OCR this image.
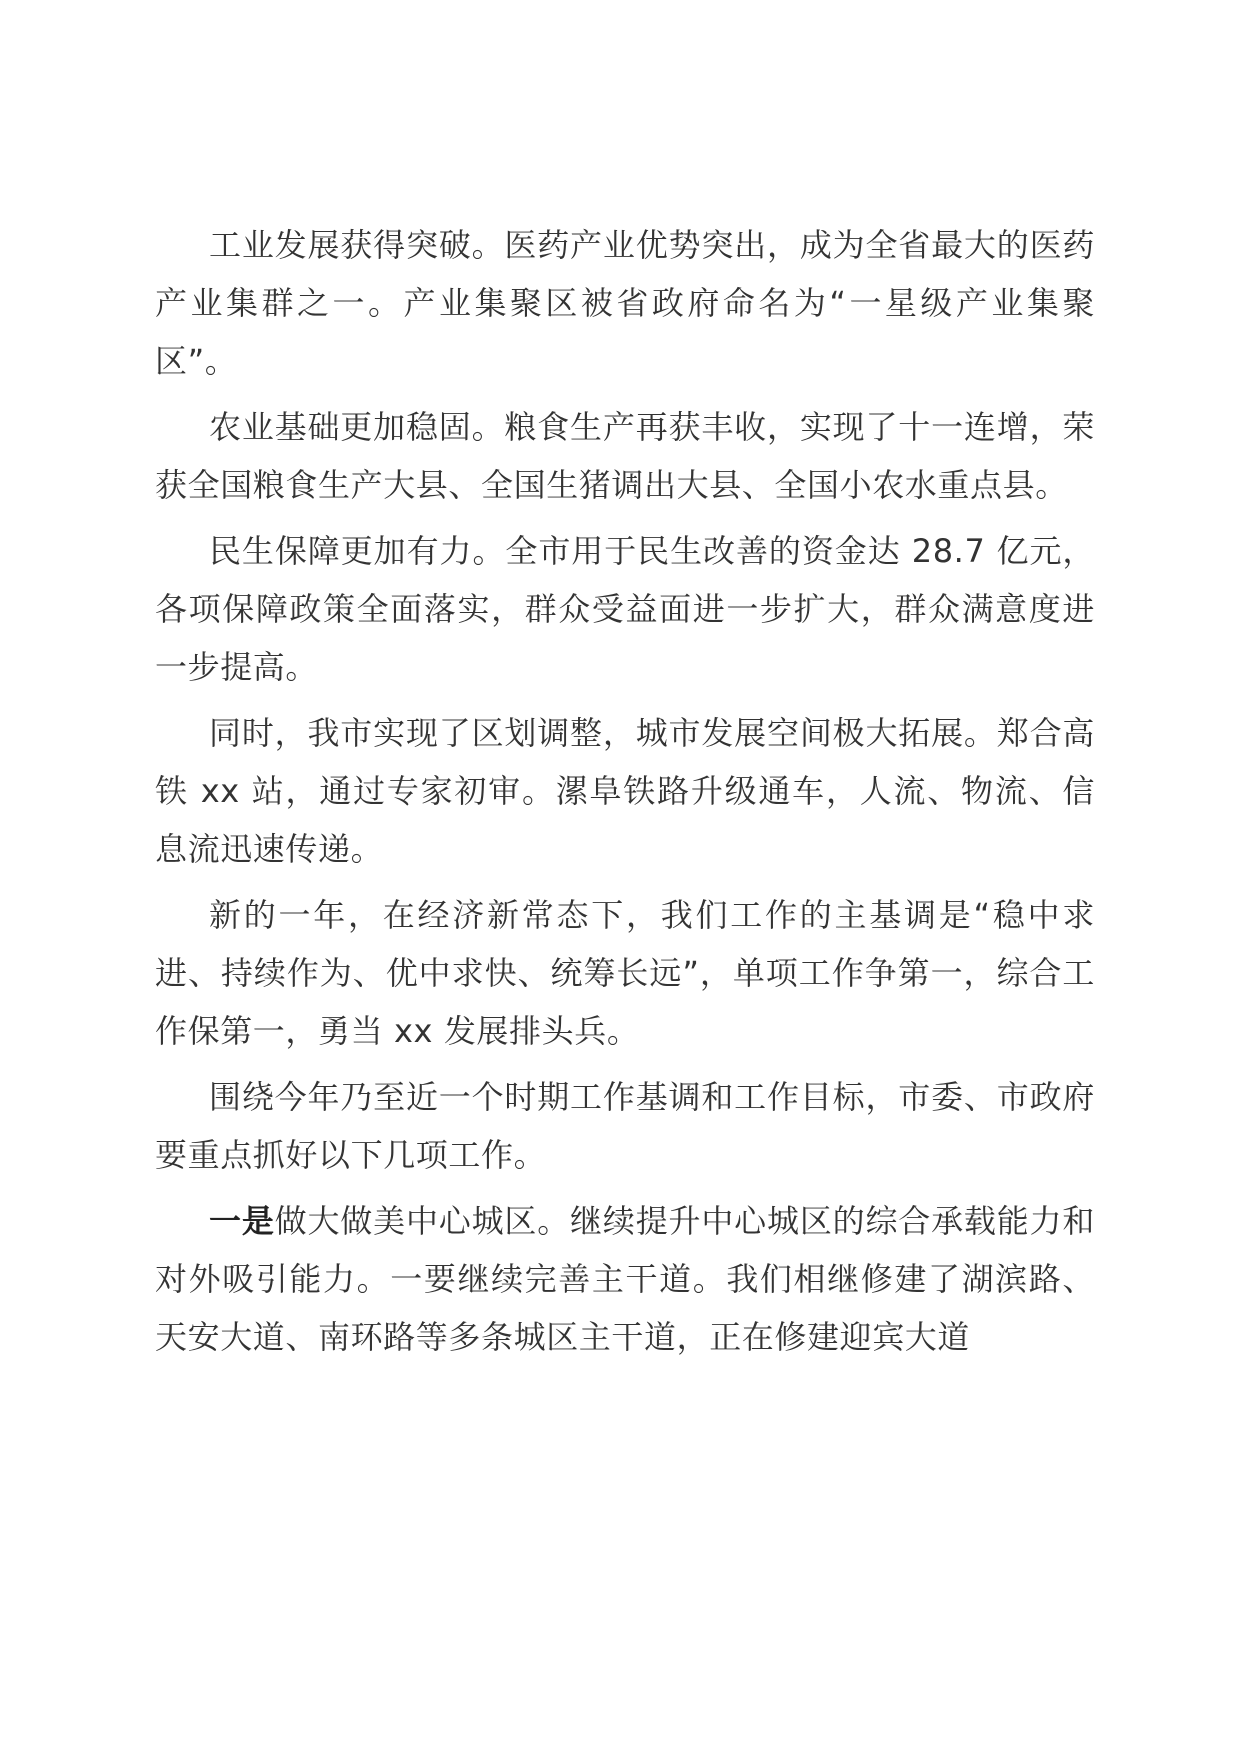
工业发展获得突破。医药产业优势突出，成为全省最大的医药产业集群之一。产业集聚区被省政府命名为“一星级产业集聚区”。

农业基础更加稳固。粮食生产再获丰收，实现了十一连增，荣获全国粮食生产大县、全国生猪调出大县、全国小农水重点县。

民生保障更加有力。全市用于民生改善的资金达 28.7 亿元，各项保障政策全面落实，群众受益面进一步扩大，群众满意度进一步提高。

同时，我市实现了区划调整，城市发展空间极大拓展。郑合高铁 xx 站，通过专家初审。漯阜铁路升级通车，人流、物流、信息流迅速传递。

新的一年，在经济新常态下，我们工作的主基调是“稳中求进、持续作为、优中求快、统筹长远”，单项工作争第一，综合工作保第一，勇当 xx 发展排头兵。

围绕今年乃至近一个时期工作基调和工作目标，市委、市政府要重点抓好以下几项工作。

一是做大做美中心城区。继续提升中心城区的综合承载能力和对外吸引能力。一要继续完善主干道。我们相继修建了湖滨路、天安大道、南环路等多条城区主干道，正在修建迎宾大道
